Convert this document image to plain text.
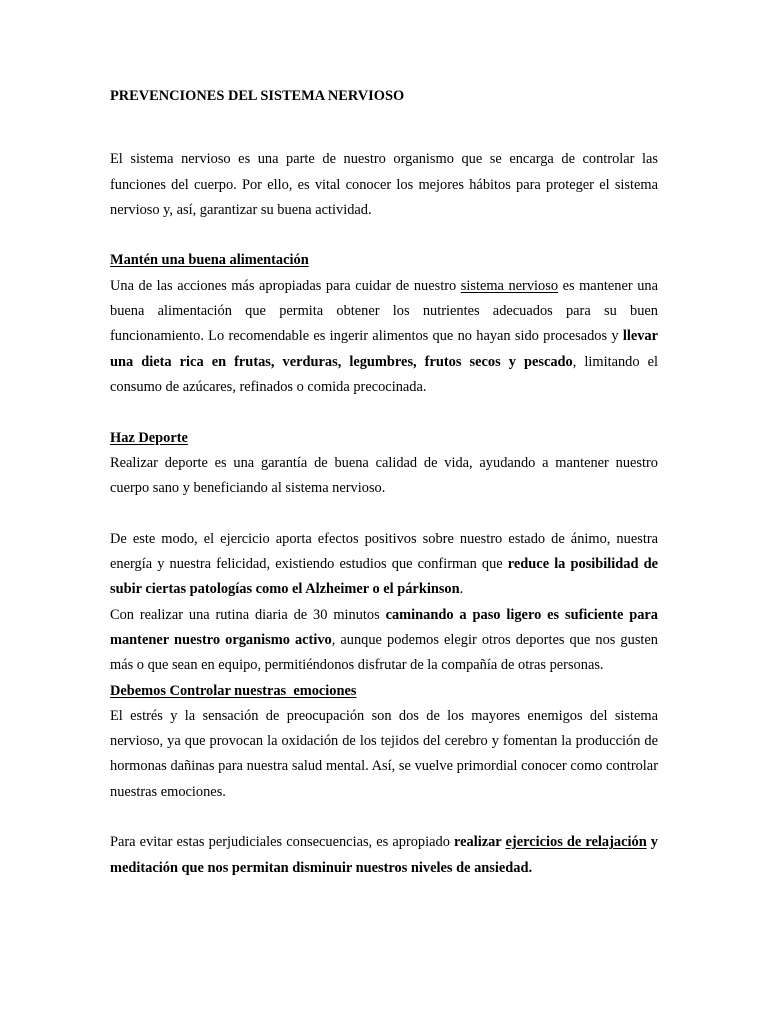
PREVENCIONES DEL SISTEMA NERVIOSO

El sistema nervioso es una parte de nuestro organismo que se encarga de controlar las funciones del cuerpo. Por ello, es vital conocer los mejores hábitos para proteger el sistema nervioso y, así, garantizar su buena actividad.

Mantén una buena alimentación

Una de las acciones más apropiadas para cuidar de nuestro sistema nervioso es mantener una buena alimentación que permita obtener los nutrientes adecuados para su buen funcionamiento. Lo recomendable es ingerir alimentos que no hayan sido procesados y llevar una dieta rica en frutas, verduras, legumbres, frutos secos y pescado, limitando el consumo de azúcares, refinados o comida precocinada.

Haz Deporte

Realizar deporte es una garantía de buena calidad de vida, ayudando a mantener nuestro cuerpo sano y beneficiando al sistema nervioso.

De este modo, el ejercicio aporta efectos positivos sobre nuestro estado de ánimo, nuestra energía y nuestra felicidad, existiendo estudios que confirman que reduce la posibilidad de subir ciertas patologías como el Alzheimer o el párkinson.

Con realizar una rutina diaria de 30 minutos caminando a paso ligero es suficiente para mantener nuestro organismo activo, aunque podemos elegir otros deportes que nos gusten más o que sean en equipo, permitiéndonos disfrutar de la compañía de otras personas.

Debemos Controlar nuestras  emociones

El estrés y la sensación de preocupación son dos de los mayores enemigos del sistema nervioso, ya que provocan la oxidación de los tejidos del cerebro y fomentan la producción de hormonas dañinas para nuestra salud mental. Así, se vuelve primordial conocer como controlar nuestras emociones.

Para evitar estas perjudiciales consecuencias, es apropiado realizar ejercicios de relajación y meditación que nos permitan disminuir nuestros niveles de ansiedad.
